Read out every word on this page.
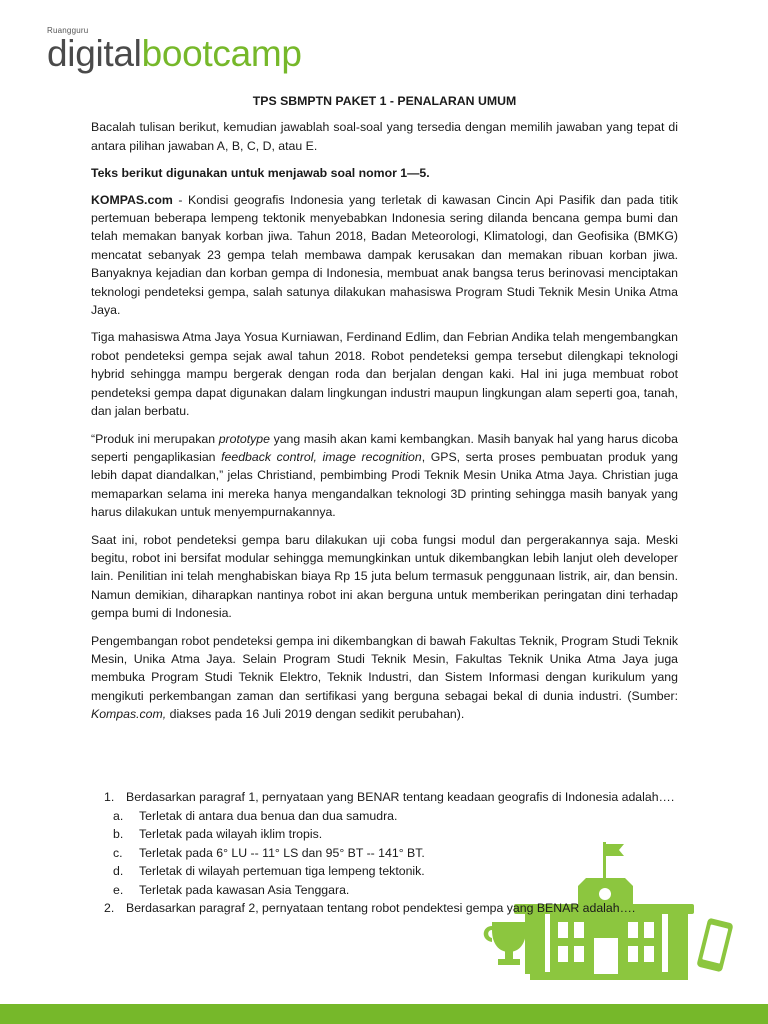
Ruangguru
digitalbootcamp

TPS SBMPTN PAKET 1 - PENALARAN UMUM

Bacalah tulisan berikut, kemudian jawablah soal-soal yang tersedia dengan memilih jawaban yang tepat di antara pilihan jawaban A, B, C, D, atau E.

Teks berikut digunakan untuk menjawab soal nomor 1—5.

KOMPAS.com - Kondisi geografis Indonesia yang terletak di kawasan Cincin Api Pasifik dan pada titik pertemuan beberapa lempeng tektonik menyebabkan Indonesia sering dilanda bencana gempa bumi dan telah memakan banyak korban jiwa. Tahun 2018, Badan Meteorologi, Klimatologi, dan Geofisika (BMKG) mencatat sebanyak 23 gempa telah membawa dampak kerusakan dan memakan ribuan korban jiwa. Banyaknya kejadian dan korban gempa di Indonesia, membuat anak bangsa terus berinovasi menciptakan teknologi pendeteksi gempa, salah satunya dilakukan mahasiswa Program Studi Teknik Mesin Unika Atma Jaya.

Tiga mahasiswa Atma Jaya Yosua Kurniawan, Ferdinand Edlim, dan Febrian Andika telah mengembangkan robot pendeteksi gempa sejak awal tahun 2018. Robot pendeteksi gempa tersebut dilengkapi teknologi hybrid sehingga mampu bergerak dengan roda dan berjalan dengan kaki. Hal ini juga membuat robot pendeteksi gempa dapat digunakan dalam lingkungan industri maupun lingkungan alam seperti goa, tanah, dan jalan berbatu.

“Produk ini merupakan prototype yang masih akan kami kembangkan. Masih banyak hal yang harus dicoba seperti pengaplikasian feedback control, image recognition, GPS, serta proses pembuatan produk yang lebih dapat diandalkan,” jelas Christiand, pembimbing Prodi Teknik Mesin Unika Atma Jaya. Christian juga memaparkan selama ini mereka hanya mengandalkan teknologi 3D printing sehingga masih banyak yang harus dilakukan untuk menyempurnakannya.

Saat ini, robot pendeteksi gempa baru dilakukan uji coba fungsi modul dan pergerakannya saja. Meski begitu, robot ini bersifat modular sehingga memungkinkan untuk dikembangkan lebih lanjut oleh developer lain. Penilitian ini telah menghabiskan biaya Rp 15 juta belum termasuk penggunaan listrik, air, dan bensin. Namun demikian, diharapkan nantinya robot ini akan berguna untuk memberikan peringatan dini terhadap gempa bumi di Indonesia.

Pengembangan robot pendeteksi gempa ini dikembangkan di bawah Fakultas Teknik, Program Studi Teknik Mesin, Unika Atma Jaya. Selain Program Studi Teknik Mesin, Fakultas Teknik Unika Atma Jaya juga membuka Program Studi Teknik Elektro, Teknik Industri, dan Sistem Informasi dengan kurikulum yang mengikuti perkembangan zaman dan sertifikasi yang berguna sebagai bekal di dunia industri. (Sumber: Kompas.com, diakses pada 16 Juli 2019 dengan sedikit perubahan).

1. Berdasarkan paragraf 1, pernyataan yang BENAR tentang keadaan geografis di Indonesia adalah….
a.	Terletak di antara dua benua dan dua samudra.
b.	Terletak pada wilayah iklim tropis.
c.	Terletak pada 6° LU -- 11° LS dan 95° BT -- 141° BT.
d.	Terletak di wilayah pertemuan tiga lempeng tektonik.
e.	Terletak pada kawasan Asia Tenggara.
2. Berdasarkan paragraf 2, pernyataan tentang robot pendektesi gempa yang BENAR adalah….
